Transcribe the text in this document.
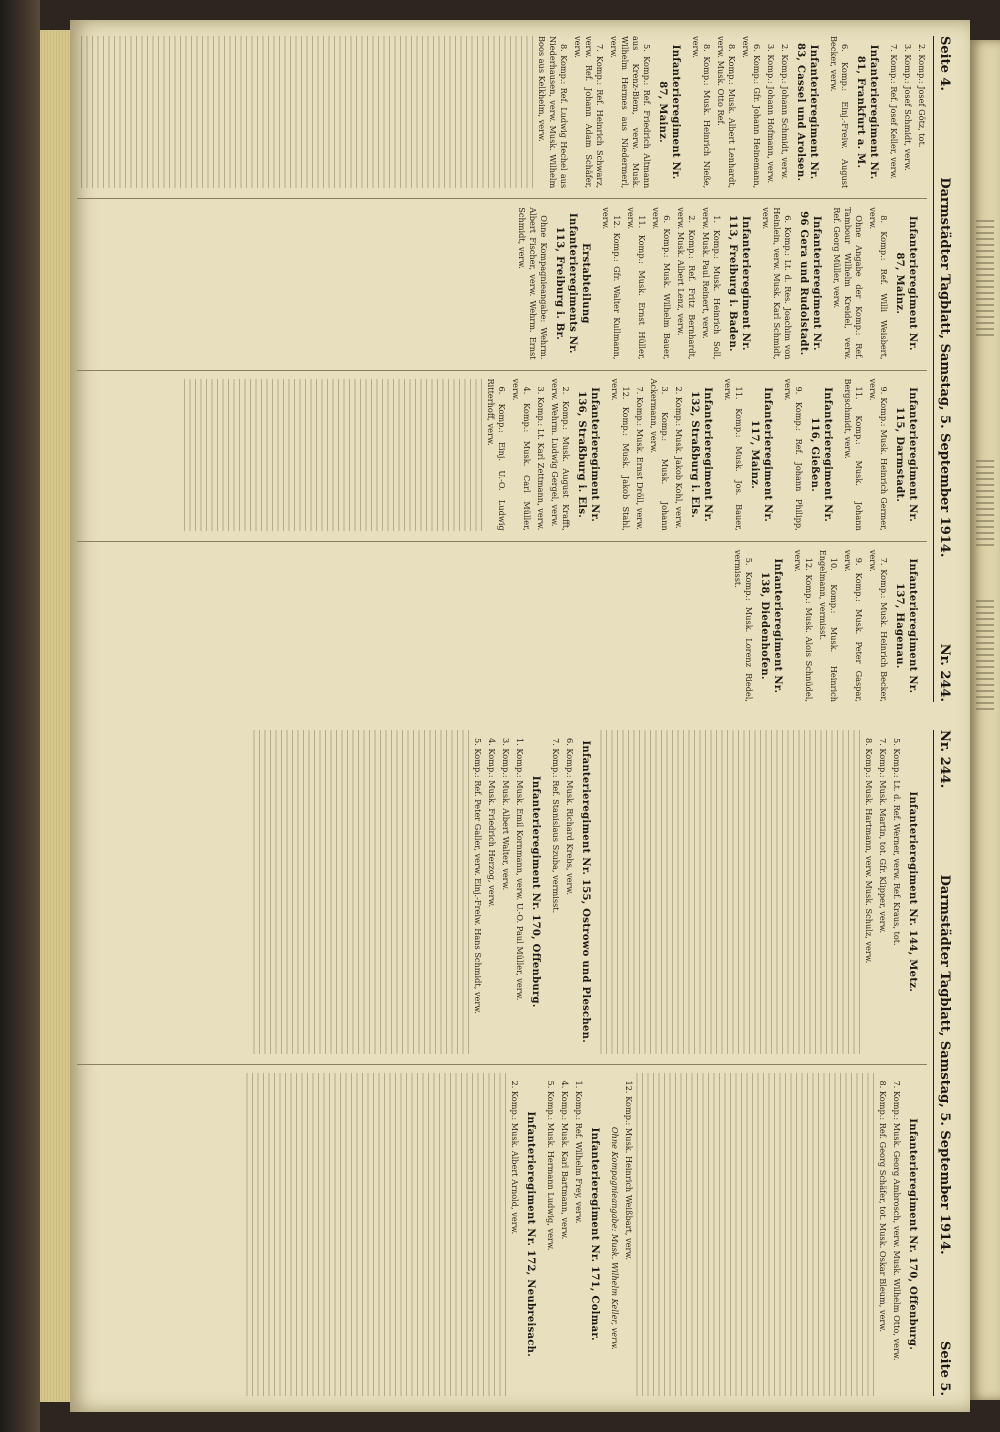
Seite 4.
Darmstädter Tagblatt, Samstag, 5. September 1914.
Nr. 244.

2. Komp.: Josef Götz, tot.

3. Komp.: Josef Schmidt, verw.

7. Komp.: Ref. Josef Keller, verw.

Infanterieregiment Nr. 81, Frankfurt a. M.

6. Komp.: Einj.-Freiw. August Becker, verw.

Infanterieregiment Nr. 83, Cassel und Arolsen.

2. Komp.: Johann Schmidt, verw.

3. Komp.: Johann Hofmann, verw.

6. Komp.: Gfr. Johann Heinemann, verw.

8. Komp.: Musk. Albert Lenhardt, verw. Musk. Otto Ref.

8. Komp.: Musk. Heinrich Nieße, verw.

Infanterieregiment Nr. 87, Mainz.

5. Komp.: Ref. Friedrich Altmann aus Krenz-Biem, verw. Musk. Wilhelm Hermes aus Niedermerl, verw.

7. Komp.: Ref. Heinrich Schwarz, verw. Ref. Johann Adam Schäfer, verw.

8. Komp.: Ref. Ludwig Hechel aus Niederhausen, verw. Musk. Wilhelm Boos aus Kelkheim, verw.

Infanterieregiment Nr. 87, Mainz.

8. Komp.: Ref. Willi Weisbert, verw.

Ohne Angabe der Komp.: Ref. Tambour Wilhelm Kreidel, verw. Ref. Georg Müller, verw.

Infanterieregiment Nr. 96 Gera und Rudolstadt.

6. Komp.: Lt. d. Res. Joachim von Heinlein, verw. Musk. Karl Schmidt, verw.

Infanterieregiment Nr. 113, Freiburg i. Baden.

1. Komp.: Musk. Heinrich Soll, verw. Musk. Paul Reinert, verw.

2. Komp.: Ref. Fritz Bernhardt, verw. Musk. Albert Lenz, verw.

6. Komp.: Musk. Wilhelm Bauer, verw.

11. Komp.: Musk. Ernst Hüller, verw.

12. Komp.: Gfr. Walter Kullmann, verw.

Erstabteilung Infanterieregiments Nr. 113, Freiburg i. Br.

Ohne Kompagnieangabe: Wehrm. Albert Fischer, verw. Wehrm. Ernst Schmidt, verw.

Infanterieregiment Nr. 115, Darmstadt.

9. Komp.: Musk. Heinrich Germer, verw.

11. Komp.: Musk. Johann Bergschmidt, verw.

Infanterieregiment Nr. 116, Gießen.

9. Komp.: Ref. Johann Philipp, verw.

Infanterieregiment Nr. 117, Mainz.

11. Komp.: Musk. Jos. Bauer, verw.

Infanterieregiment Nr. 132, Straßburg i. Els.

2. Komp.: Musk. Jakob Kohl, verw.

3. Komp.: Musk. Johann Ackermann, verw.

7. Komp.: Musk. Ernst Dröll, verw.

12. Komp.: Musk. Jakob Stahl, verw.

Infanterieregiment Nr. 136, Straßburg i. Els.

2. Komp.: Musk. August Krafft, verw. Wehrm. Ludwig Gergel, verw.

3. Komp.: Lt. Karl Zettmann, verw.

4. Komp.: Musk. Carl Müller, verw.

6. Komp.: Einj. U.-O. Ludwig Ritterhoff, verw.

Infanterieregiment Nr. 137, Hagenau.

7. Komp.: Musk. Heinrich Becker, verw.

9. Komp.: Musk. Peter Gaspar, verw.

10. Komp.: Musk. Heinrich Engelmann, vermisst.

12. Komp.: Musk. Alois Schnüdel, verw.

Infanterieregiment Nr. 138, Diedenhofen.

5. Komp.: Musk. Lorenz Riedel, vermisst.

Nr. 244.
Darmstädter Tagblatt, Samstag, 5. September 1914.
Seite 5.
Infanterieregiment Nr. 144, Metz.

5. Komp.: Lt. d. Ref. Werner, verw. Ref. Kraus, tot.

7. Komp.: Musk. Martin, tot. Gfr. Klipper, verw.

8. Komp.: Musk. Hartmann, verw. Musk. Schulz, verw.

Infanterieregiment Nr. 155, Ostrowo und Pleschen.

6. Komp.: Musk. Richard Krebs, verw.

7. Komp.: Ref. Stanislaus Szuba, vermisst.

Infanterieregiment Nr. 170, Offenburg.

1. Komp.: Musk. Emil Kornmann, verw. U.-O. Paul Müller, verw.

3. Komp.: Musk. Albert Walter, verw.

4. Komp.: Musk. Friedrich Herzog, verw.

5. Komp.: Ref. Peter Galler, verw. Einj.-Freiw. Hans Schmidt, verw.

Infanterieregiment Nr. 170, Offenburg.

7. Komp.: Musk. Georg Ambrosch, verw. Musk. Wilhelm Otto, verw.

8. Komp.: Ref. Georg Schäfer, tot. Musk. Oskar Bleum, verw.

12. Komp.: Musk. Heinrich Weißbart, verw.

Ohne Kompagnieangabe: Musk. Wilhelm Keller, verw.

Infanterieregiment Nr. 171, Colmar.

1. Komp.: Ref. Wilhelm Frey, verw.

4. Komp.: Musk. Karl Bartmann, verw.

5. Komp.: Musk. Hermann Ludwig, verw.

Infanterieregiment Nr. 172, Neubreisach.

2. Komp.: Musk. Albert Arnold, verw.
